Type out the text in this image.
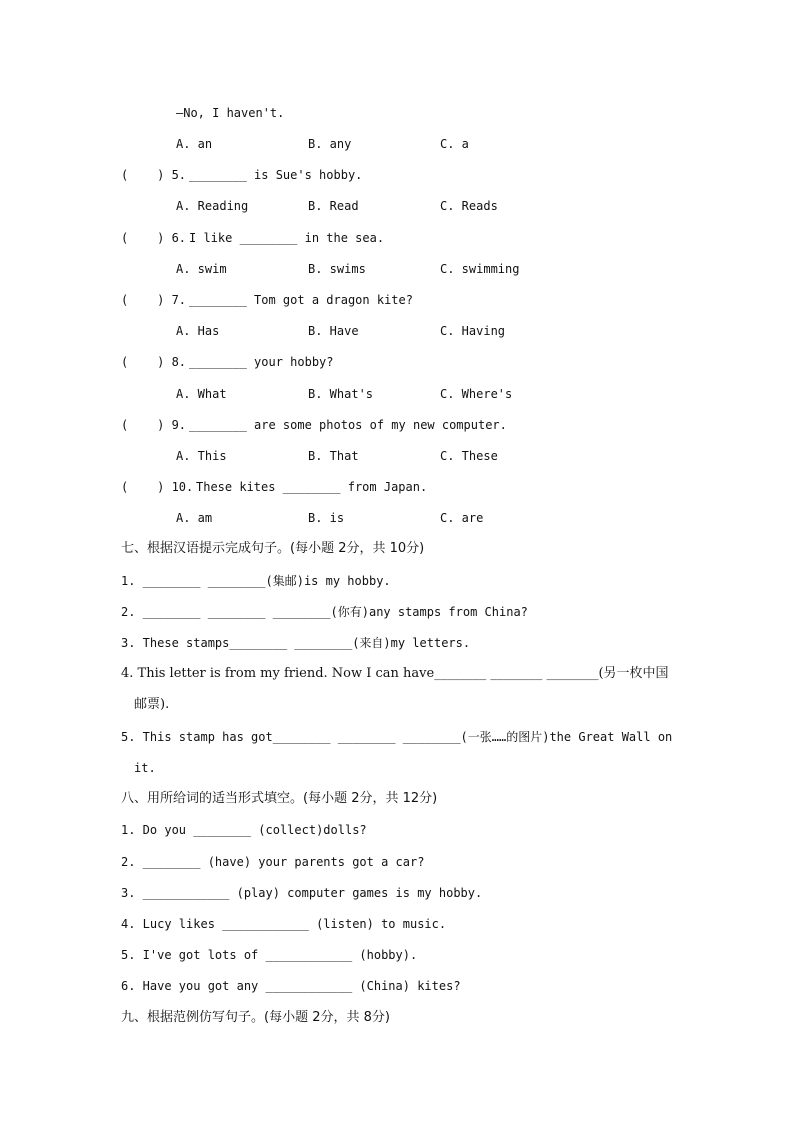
—No, I haven't.
A. an	B. any	C. a
(    ) 5. ________ is Sue's hobby.
A. Reading	B. Read	C. Reads
(    ) 6. I like ________ in the sea.
A. swim	B. swims	C. swimming
(    ) 7. ________ Tom got a dragon kite?
A. Has	B. Have	C. Having
(    ) 8. ________ your hobby?
A. What	B. What's	C. Where's
(    ) 9. ________ are some photos of my new computer.
A. This	B. That	C. These
(    ) 10. These kites ________ from Japan.
A. am	B. is	C. are
七、根据汉语提示完成句子。(每小题 2分，共 10分)
1. ________ ________(集邮)is my hobby.
2. ________ ________ ________(你有)any stamps from China?
3. These stamps________ ________(来自)my letters.
4. This letter is from my friend. Now I can have________ ________ ________(另一枚中国
邮票).
5. This stamp has got________ ________ ________(一张……的图片)the Great Wall on
it.
八、用所给词的适当形式填空。(每小题 2分，共 12分)
1. Do you ________ (collect)dolls?
2. ________ (have) your parents got a car?
3. ____________ (play) computer games is my hobby.
4. Lucy likes ____________ (listen) to music.
5. I've got lots of ____________ (hobby).
6. Have you got any ____________ (China) kites?
九、根据范例仿写句子。(每小题 2分，共 8分)
